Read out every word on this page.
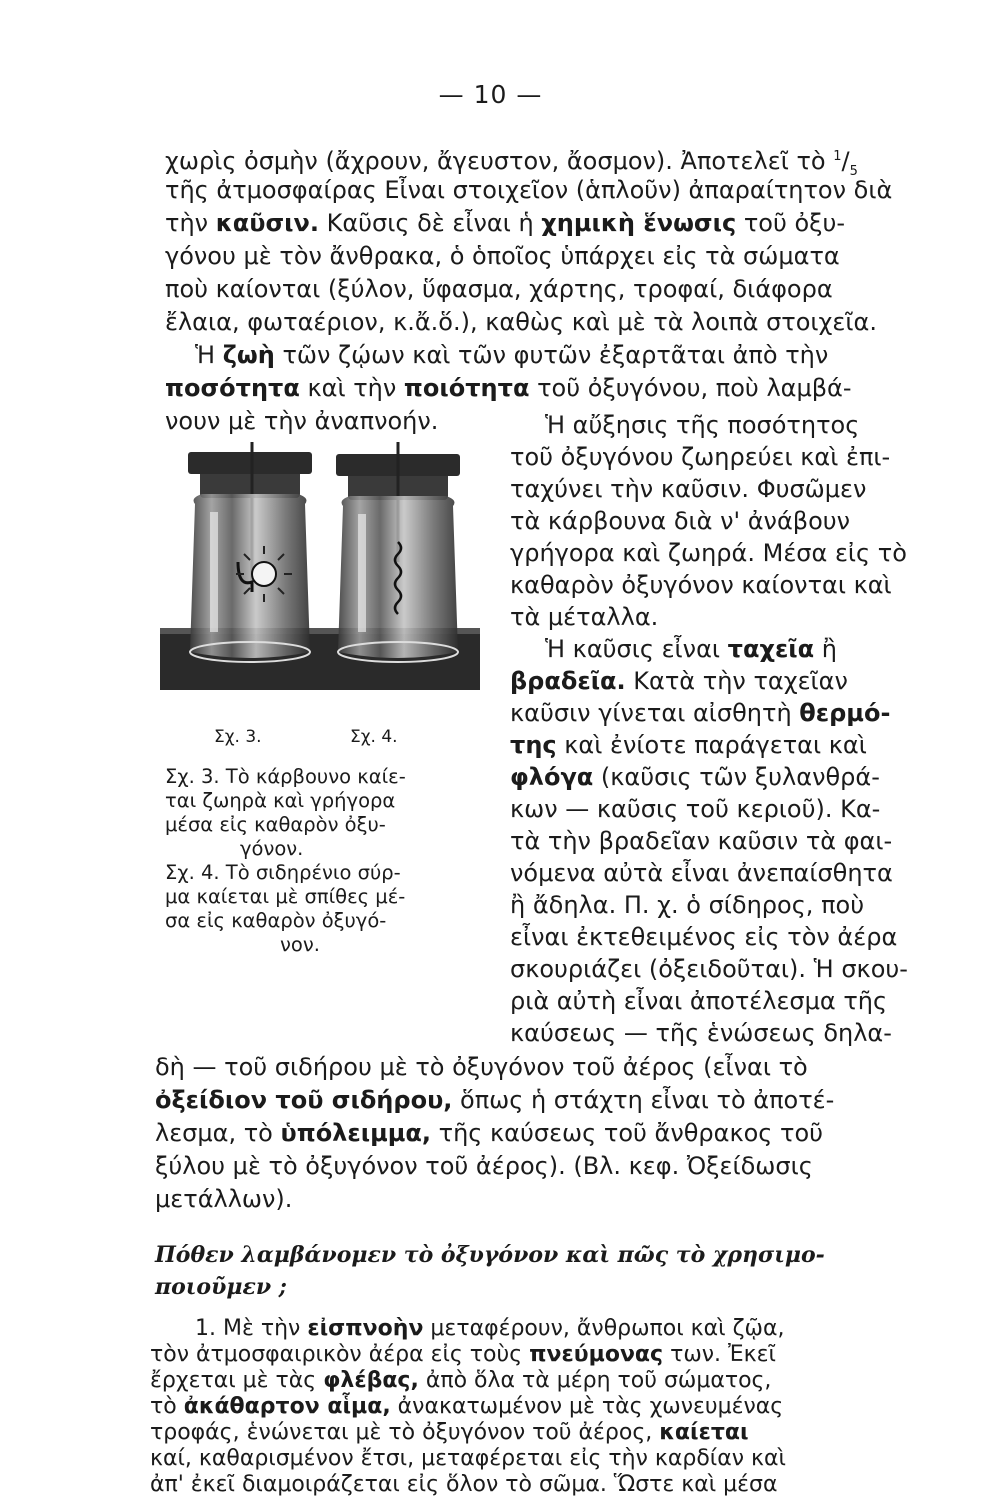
— 10 —
χωρὶς ὀσμὴν (ἄχρουν, ἄγευστον, ἄοσμον). Ἀποτελεῖ τὸ $^1/_5$
τῆς ἀτμοσφαίρας Εἶναι στοιχεῖον (ἁπλοῦν) ἀπαραίτητον διὰ
τὴν καῦσιν. Καῦσις δὲ εἶναι ἡ χημικὴ ἕνωσις τοῦ ὀξυ-
γόνου μὲ τὸν ἄνθρακα, ὁ ὁποῖος ὑπάρχει εἰς τὰ σώματα
ποὺ καίονται (ξύλον, ὕφασμα, χάρτης, τροφαί, διάφορα
ἔλαια, φωταέριον, κ.ἄ.ὅ.), καθὼς καὶ μὲ τὰ λοιπὰ στοιχεῖα.
Ἡ ζωὴ τῶν ζῴων καὶ τῶν φυτῶν ἐξαρτᾶται ἀπὸ τὴν
ποσότητα καὶ τὴν ποιότητα τοῦ ὀξυγόνου, ποὺ λαμβά-
νουν μὲ τὴν ἀναπνοήν.
Σχ. 3.	Σχ. 4.
Σχ. 3. Τὸ κάρβουνο καίε-
ται ζωηρὰ καὶ γρήγορα
μέσα εἰς καθαρὸν ὀξυ-
γόνον.
Σχ. 4. Τὸ σιδηρένιο σύρ-
μα καίεται μὲ σπίθες μέ-
σα εἰς καθαρὸν ὀξυγό-
νον.
Ἡ αὔξησις τῆς ποσότητος
τοῦ ὀξυγόνου ζωηρεύει καὶ ἐπι-
ταχύνει τὴν καῦσιν. Φυσῶμεν
τὰ κάρβουνα διὰ ν' ἀνάβουν
γρήγορα καὶ ζωηρά. Μέσα εἰς τὸ
καθαρὸν ὀξυγόνον καίονται καὶ
τὰ μέταλλα.
Ἡ καῦσις εἶναι ταχεῖα ἢ
βραδεῖα. Κατὰ τὴν ταχεῖαν
καῦσιν γίνεται αἰσθητὴ θερμό-
της καὶ ἐνίοτε παράγεται καὶ
φλόγα (καῦσις τῶν ξυλανθρά-
κων — καῦσις τοῦ κεριοῦ). Κα-
τὰ τὴν βραδεῖαν καῦσιν τὰ φαι-
νόμενα αὐτὰ εἶναι ἀνεπαίσθητα
ἢ ἄδηλα. Π. χ. ὁ σίδηρος, ποὺ
εἶναι ἐκτεθειμένος εἰς τὸν ἀέρα
σκουριάζει (ὀξειδοῦται). Ἡ σκου-
ριὰ αὐτὴ εἶναι ἀποτέλεσμα τῆς
καύσεως — τῆς ἑνώσεως δηλα-
δὴ — τοῦ σιδήρου μὲ τὸ ὀξυγόνον τοῦ ἀέρος (εἶναι τὸ
ὀξείδιον τοῦ σιδήρου, ὅπως ἡ στάχτη εἶναι τὸ ἀποτέ-
λεσμα, τὸ ὑπόλειμμα, τῆς καύσεως τοῦ ἄνθρακος τοῦ
ξύλου μὲ τὸ ὀξυγόνον τοῦ ἀέρος). (Βλ. κεφ. Ὀξείδωσις
μετάλλων).
Πόθεν λαμβάνομεν τὸ ὀξυγόνον καὶ πῶς τὸ χρησιμο-
ποιοῦμεν ;
1. Μὲ τὴν εἰσπνοὴν μεταφέρουν, ἄνθρωποι καὶ ζῷα,
τὸν ἀτμοσφαιρικὸν ἀέρα εἰς τοὺς πνεύμονας των. Ἐκεῖ
ἔρχεται μὲ τὰς φλέβας, ἀπὸ ὅλα τὰ μέρη τοῦ σώματος,
τὸ ἀκάθαρτον αἷμα, ἀνακατωμένον μὲ τὰς χωνευμένας
τροφάς, ἑνώνεται μὲ τὸ ὀξυγόνον τοῦ ἀέρος, καίεται
καί, καθαρισμένον ἔτσι, μεταφέρεται εἰς τὴν καρδίαν καὶ
ἀπ' ἐκεῖ διαμοιράζεται εἰς ὅλον τὸ σῶμα. Ὥστε καὶ μέσα
